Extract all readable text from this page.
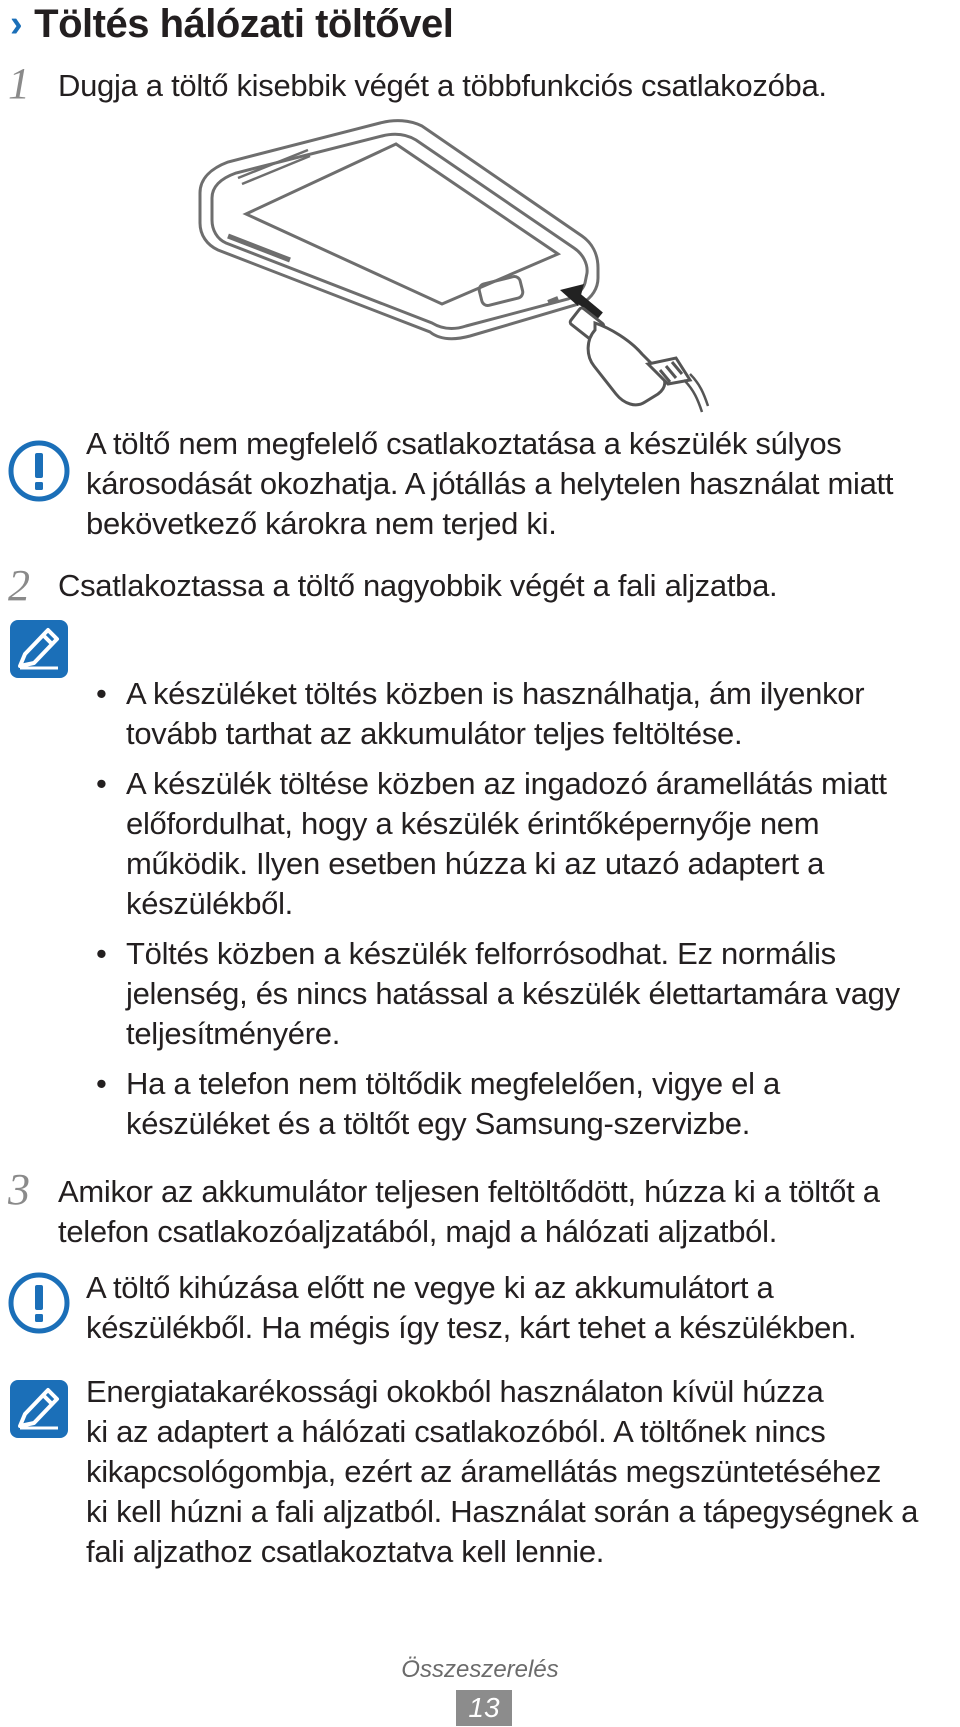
› Töltés hálózati töltővel
1 Dugja a töltő kisebbik végét a többfunkciós csatlakozóba.
A töltő nem megfelelő csatlakoztatása a készülék súlyos
károsodását okozhatja. A jótállás a helytelen használat miatt
bekövetkező károkra nem terjed ki.
2 Csatlakoztassa a töltő nagyobbik végét a fali aljzatba.
• A készüléket töltés közben is használhatja, ám ilyenkor
tovább tarthat az akkumulátor teljes feltöltése.
• A készülék töltése közben az ingadozó áramellátás miatt
előfordulhat, hogy a készülék érintőképernyője nem
működik. Ilyen esetben húzza ki az utazó adaptert a
készülékből.
• Töltés közben a készülék felforrósodhat. Ez normális
jelenség, és nincs hatással a készülék élettartamára vagy
teljesítményére.
• Ha a telefon nem töltődik megfelelően, vigye el a
készüléket és a töltőt egy Samsung-szervizbe.
3 Amikor az akkumulátor teljesen feltöltődött, húzza ki a töltőt a
telefon csatlakozóaljzatából, majd a hálózati aljzatból.
A töltő kihúzása előtt ne vegye ki az akkumulátort a
készülékből. Ha mégis így tesz, kárt tehet a készülékben.
Energiatakarékossági okokból használaton kívül húzza
ki az adaptert a hálózati csatlakozóból. A töltőnek nincs
kikapcsológombja, ezért az áramellátás megszüntetéséhez
ki kell húzni a fali aljzatból. Használat során a tápegységnek a
fali aljzathoz csatlakoztatva kell lennie.
Összeszerelés
13
